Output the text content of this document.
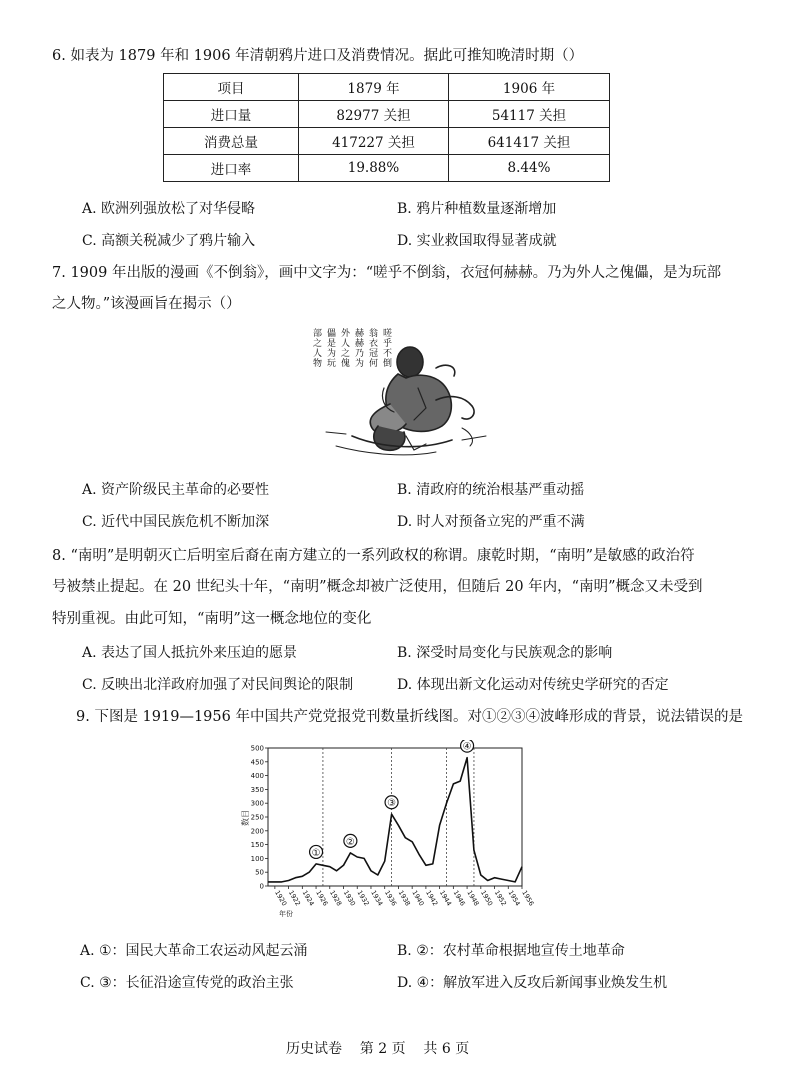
6. 如表为 1879 年和 1906 年清朝鸦片进口及消费情况。据此可推知晚清时期（）
项目	1879 年	1906 年
进口量	82977 关担	54117 关担
消费总量	417227 关担	641417 关担
进口率	19.88%	8.44%
A. 欧洲列强放松了对华侵略	B. 鸦片种植数量逐渐增加
C. 高额关税减少了鸦片输入	D. 实业救国取得显著成就
7. 1909 年出版的漫画《不倒翁》，画中文字为：“嗟乎不倒翁，衣冠何赫赫。乃为外人之傀儡，是为玩部
之人物。”该漫画旨在揭示（）
嗟乎不倒
翁衣冠何
赫赫乃为
外人之傀
儡是为玩
部之人物
A. 资产阶级民主革命的必要性	B. 清政府的统治根基严重动摇
C. 近代中国民族危机不断加深	D. 时人对预备立宪的严重不满
8. “南明”是明朝灭亡后明室后裔在南方建立的一系列政权的称谓。康乾时期，“南明”是敏感的政治符
号被禁止提起。在 20 世纪头十年，“南明”概念却被广泛使用，但随后 20 年内，“南明”概念又未受到
特别重视。由此可知，“南明”这一概念地位的变化
A. 表达了国人抵抗外来压迫的愿景	B. 深受时局变化与民族观念的影响
C. 反映出北洋政府加强了对民间舆论的限制	D. 体现出新文化运动对传统史学研究的否定
9. 下图是 1919—1956 年中国共产党党报党刊数量折线图。对①②③④波峰形成的背景，说法错误的是
0
50
100
150
200
250
300
350
400
450
500
1920
1922
1924
1926
1928
1930
1932
1934
1936
1938
1940
1942
1944
1946
1948
1950
1952
1954
1956
①
②
③
④
数目
年份
A. ①：国民大革命工农运动风起云涌	B. ②：农村革命根据地宣传土地革命
C. ③：长征沿途宣传党的政治主张	D. ④：解放军进入反攻后新闻事业焕发生机
历史试卷    第 2 页    共 6 页
